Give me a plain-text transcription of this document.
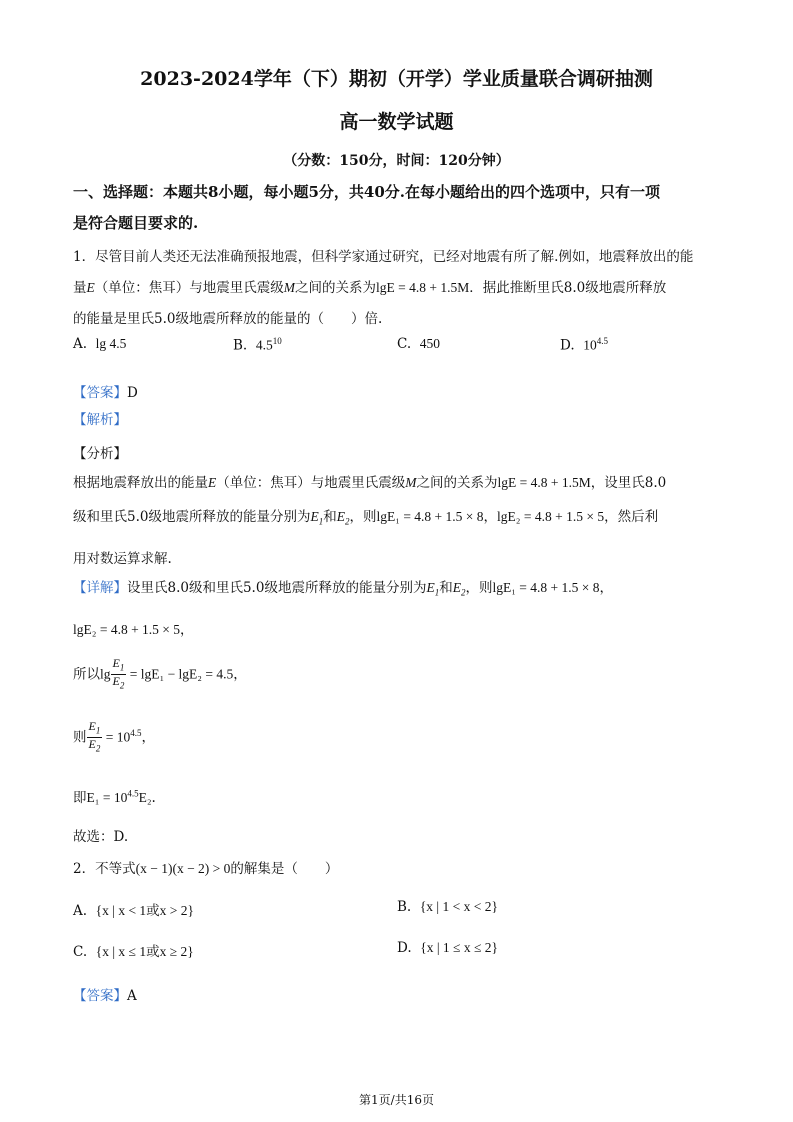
2023-2024学年（下）期初（开学）学业质量联合调研抽测
高一数学试题
（分数：150分，时间：120分钟）
一、选择题：本题共8小题，每小题5分，共40分.在每小题给出的四个选项中，只有一项
是符合题目要求的.
1．尽管目前人类还无法准确预报地震，但科学家通过研究，已经对地震有所了解.例如，地震释放出的能
量E（单位：焦耳）与地震里氏震级M之间的关系为lgE = 4.8 + 1.5M．据此推断里氏8.0级地震所释放
的能量是里氏5.0级地震所释放的能量的（　　）倍.
A. lg 4.5	B. $4.5^{10}$	C. 450	D. $10^{4.5}$
【答案】D
【解析】
【分析】
根据地震释放出的能量E（单位：焦耳）与地震里氏震级M之间的关系为lgE = 4.8 + 1.5M，设里氏8.0
级和里氏5.0级地震所释放的能量分别为$E_1$和$E_2$，则lgE₁ = 4.8 + 1.5 × 8，lgE₂ = 4.8 + 1.5 × 5，然后利
用对数运算求解.
【详解】设里氏8.0级和里氏5.0级地震所释放的能量分别为$E_1$和$E_2$，则lgE₁ = 4.8 + 1.5 × 8，
lgE₂ = 4.8 + 1.5 × 5，
所以$\lg \frac{E_1}{E_2} = \lg E_1 - \lg E_2 = 4.5$，
则 $\frac{E_1}{E_2} = 10^{4.5}$，
即$E_1 = 10^{4.5}E_2$.
故选：D.
2．不等式(x − 1)(x − 2) > 0的解集是（　　）
A. {x | x < 1或x > 2}	B. {x | 1 < x < 2}
C. {x | x ≤ 1或x ≥ 2}	D. {x | 1 ≤ x ≤ 2}
【答案】A
第1页/共16页
